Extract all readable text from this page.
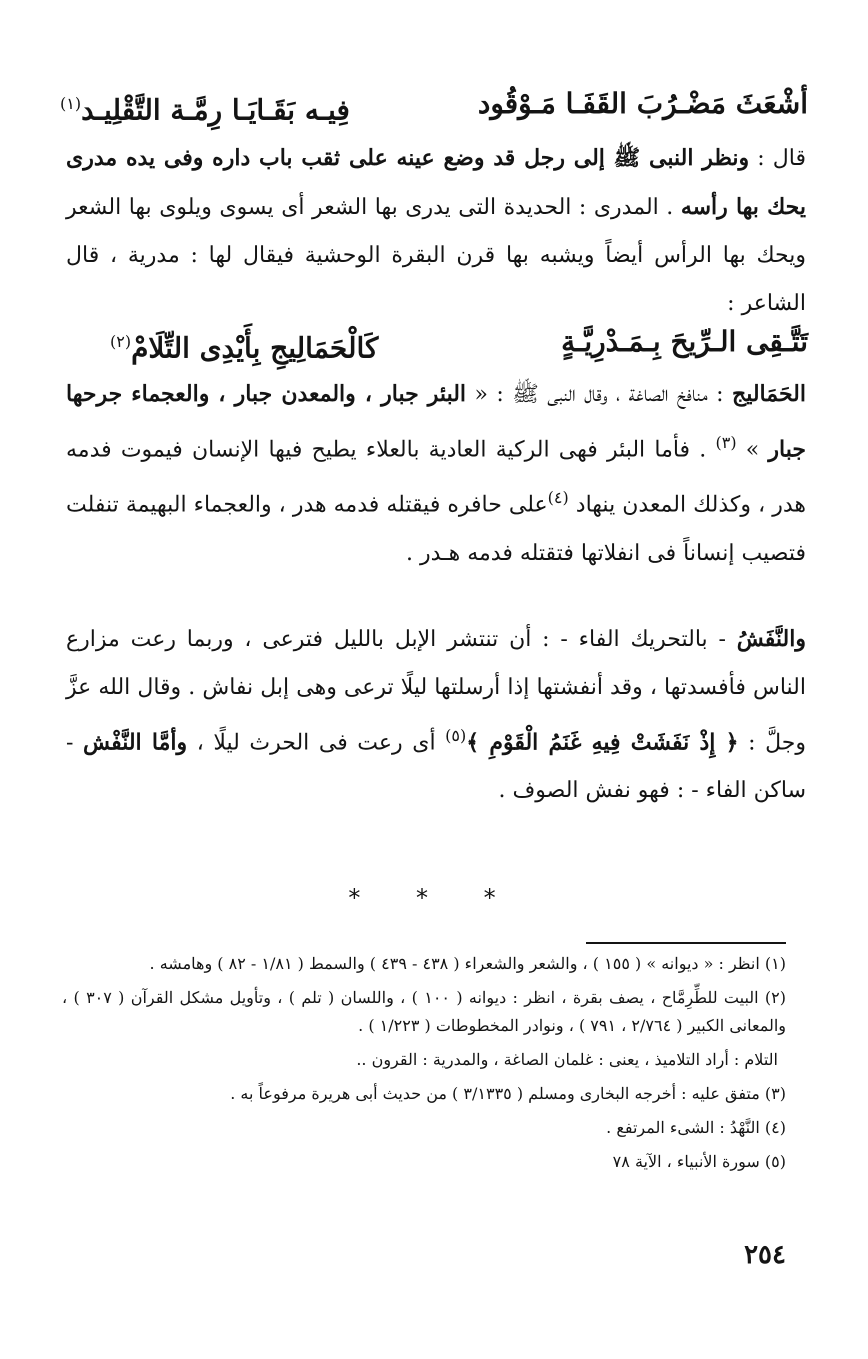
أشْعَثَ مَضْـرُبَ القَفَـا مَـوْقُود
فِيـه بَقَـايَـا رِمَّـة التَّقْلِيـد$^{(١)}$
قال : ونظر النبى ﷺ إلى رجل قد وضع عينه على ثقب باب داره وفى يده مدرى يحك بها رأسه . المدرى : الحديدة التى يدرى بها الشعر أى يسوى ويلوى بها الشعر ويحك بها الرأس أيضاً ويشبه بها قرن البقرة الوحشية فيقال لها : مدرية ، قال الشاعر :
تَتَّـقِى الـرِّيحَ بِـمَـدْرِيَّـةٍ
كَالْحَمَالِيجِ بِأَيْدِى التِّلَامْ$^{(٢)}$
الحَمَاليج : منافخ الصاغة ، وقال النبى ﷺ : « البئر جبار ، والمعدن جبار ، والعجماء جرحها جبار » $^{(٣)}$ . فأما البئر فهى الركية العادية بالعلاء يطيح فيها الإنسان فيموت فدمه هدر ، وكذلك المعدن ينهاد $^{(٤)}$على حافره فيقتله فدمه هدر ، والعجماء البهيمة تنفلت فتصيب إنساناً فى انفلاتها فتقتله فدمه هـدر .
والنَّفَشُ - بالتحريك الفاء - : أن تنتشر الإبل بالليل فترعى ، وربما رعت مزارع الناس فأفسدتها ، وقد أنفشتها إذا أرسلتها ليلًا ترعى وهى إبل نفاش . وقال الله عزَّ وجلَّ : ﴿ إِذْ نَفَشَتْ فِيهِ غَنَمُ الْقَوْمِ ﴾$^{(٥)}$ أى رعت فى الحرث ليلًا ، وأمَّا النَّفْش - ساكن الفاء - : فهو نفش الصوف .
* * *

(١) انظر : « ديوانه » ( ١٥٥ ) ، والشعر والشعراء ( ٤٣٨ - ٤٣٩ ) والسمط ( ١/٨١ - ٨٢ ) وهامشه .

(٢) البيت للطِّرِمَّاح ، يصف بقرة ، انظر : ديوانه ( ١٠٠ ) ، واللسان ( تلم ) ، وتأويل مشكل القرآن ( ٣٠٧ ) ، والمعانى الكبير ( ٢/٧٦٤ ، ٧٩١ ) ، ونوادر المخطوطات ( ١/٢٢٣ ) .

التلام : أراد التلاميذ ، يعنى : غلمان الصاغة ، والمدرية : القرون ..

(٣) متفق عليه : أخرجه البخارى ومسلم ( ٣/١٣٣٥ ) من حديث أبى هريرة مرفوعاً به .

(٤) النَّهْدُ : الشىء المرتفع .

(٥) سورة الأنبياء ، الآية ٧٨

٢٥٤
